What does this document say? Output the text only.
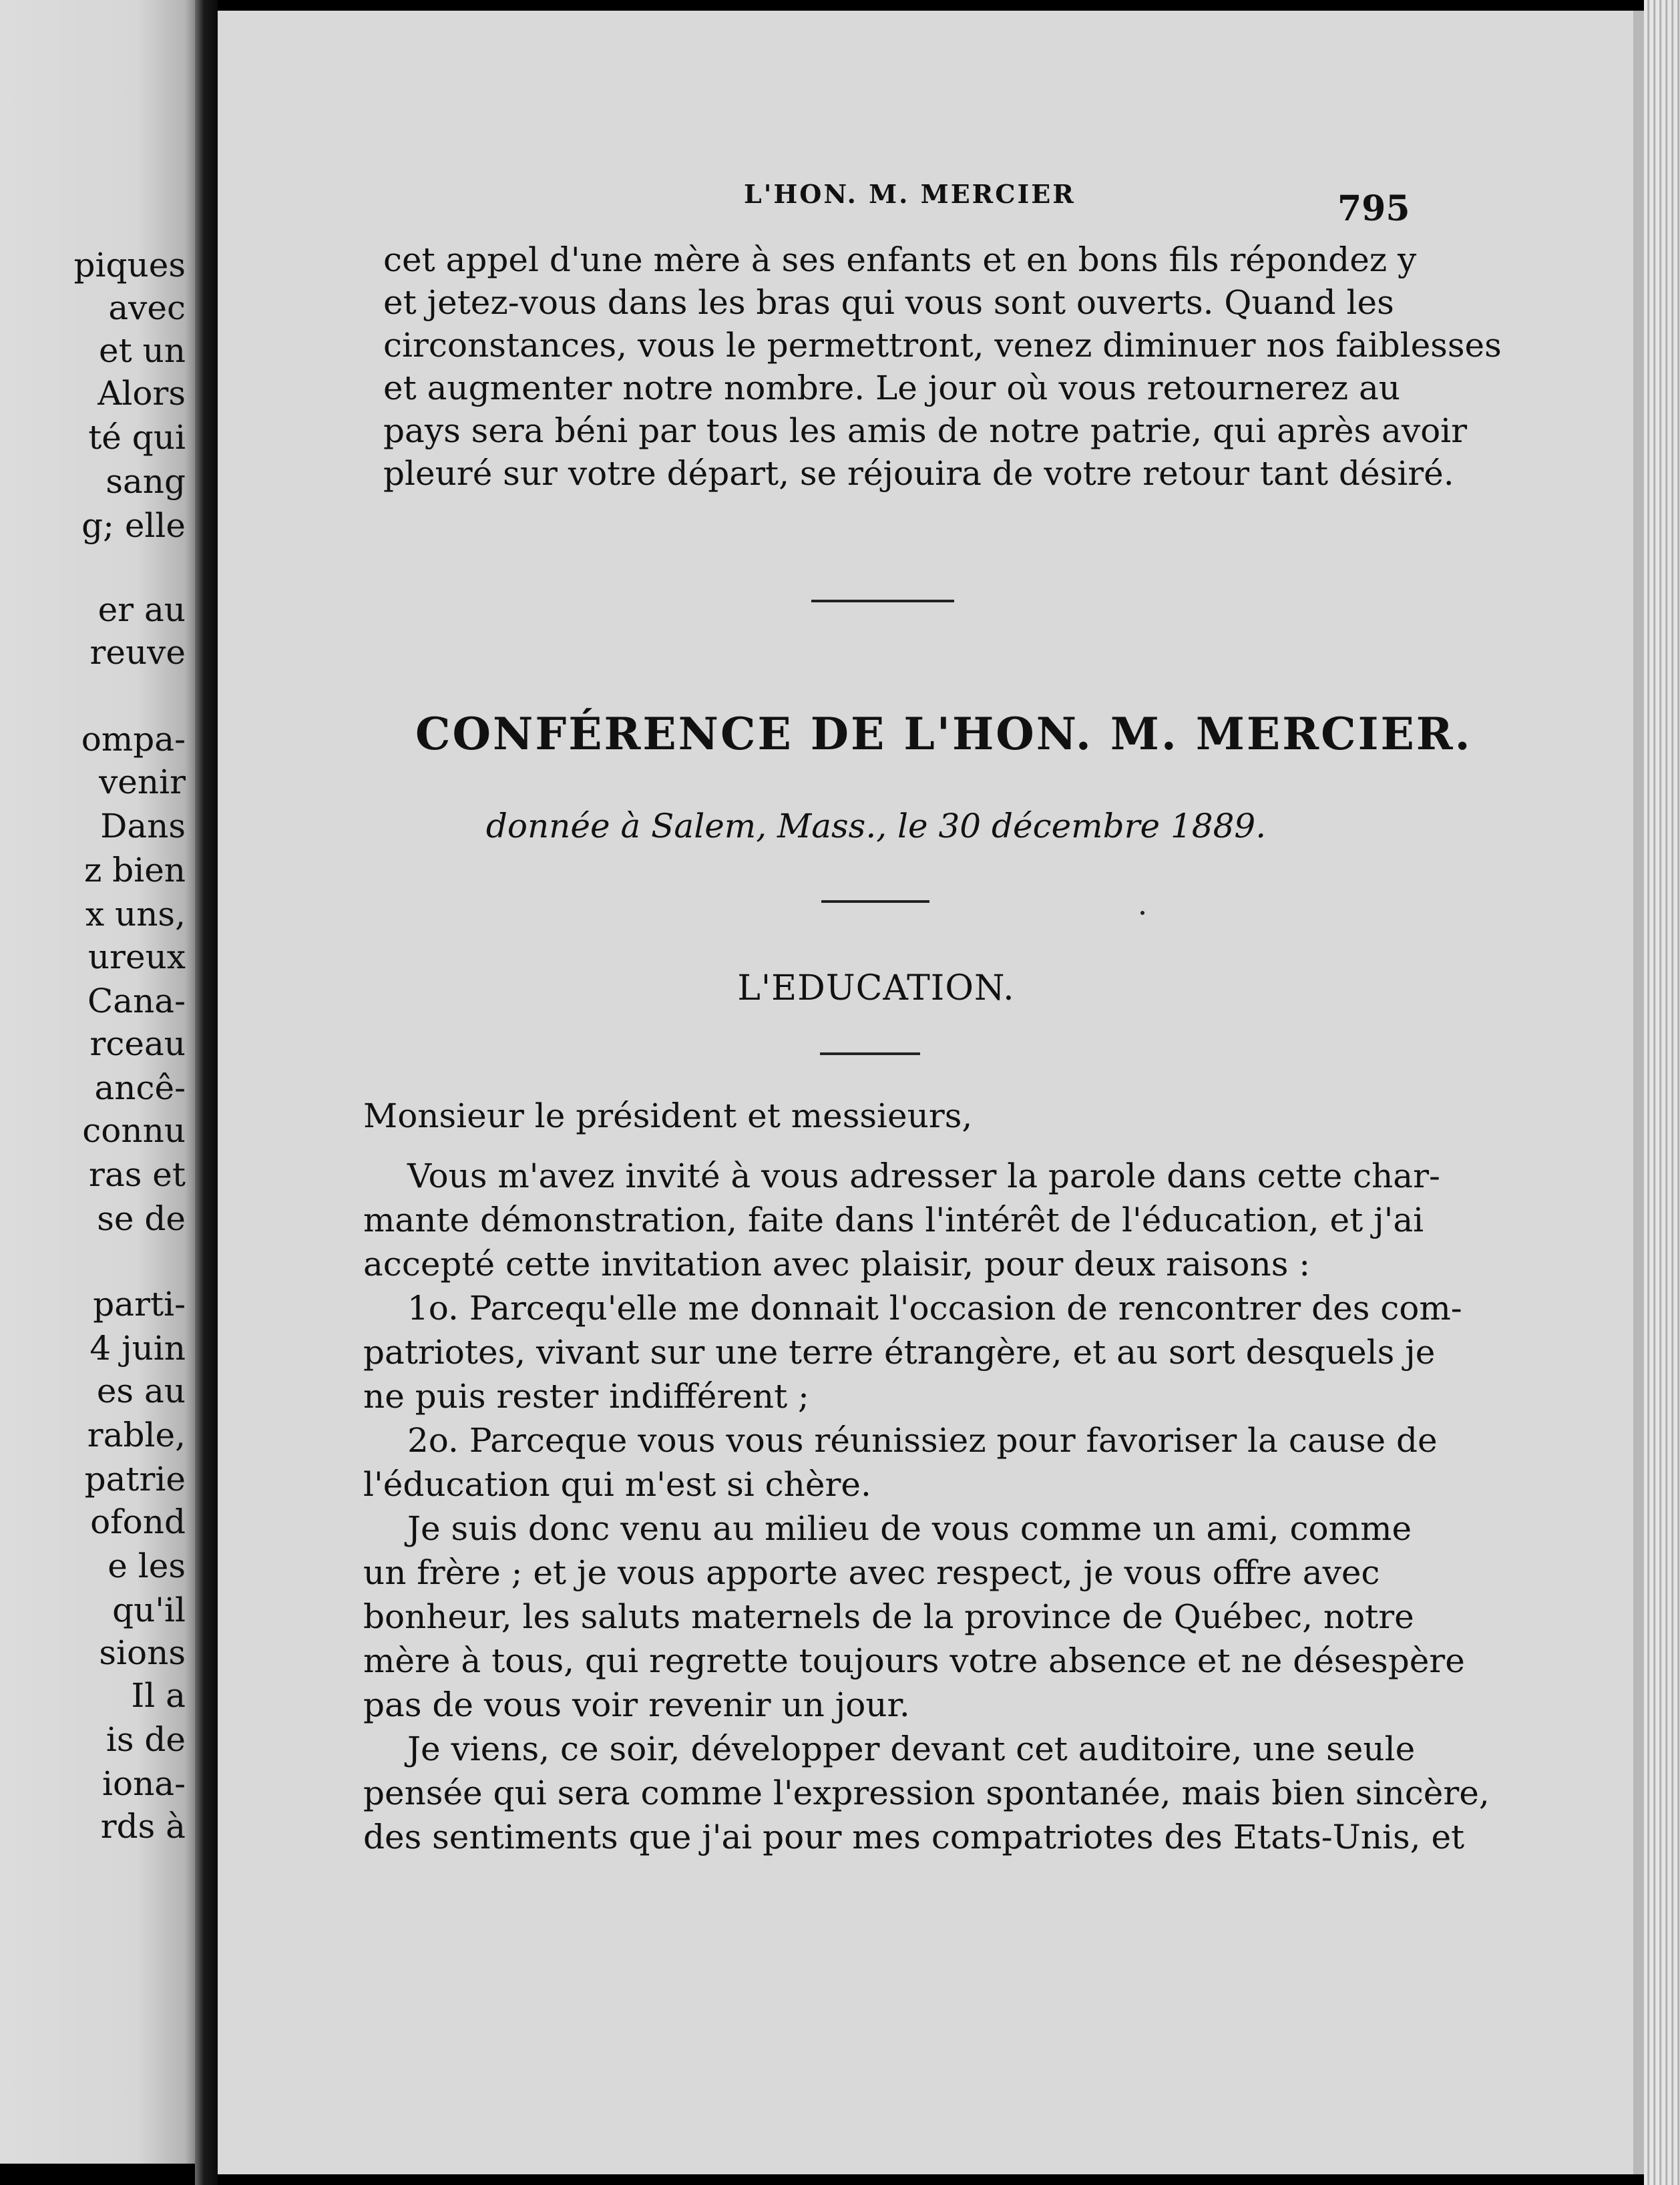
piques
avec
et un
Alors
té qui
sang
g; elle
er au
reuve
ompa-
venir
Dans
z bien
x uns,
ureux
Cana-
rceau
ancê-
connu
ras et
se de
parti-
4 juin
es au
rable,
patrie
ofond
e les
qu'il
sions
Il a
is de
iona-
rds à
L'HON. M. MERCIER	795
cet appel d'une mère à ses enfants et en bons fils répondez y
et jetez-vous dans les bras qui vous sont ouverts. Quand les
circonstances, vous le permettront, venez diminuer nos faiblesses
et augmenter notre nombre. Le jour où vous retournerez au
pays sera béni par tous les amis de notre patrie, qui après avoir
pleuré sur votre départ, se réjouira de votre retour tant désiré.
CONFÉRENCE DE L'HON. M. MERCIER.
donnée à Salem, Mass., le 30 décembre 1889.
L'EDUCATION.
Monsieur le président et messieurs,
Vous m'avez invité à vous adresser la parole dans cette char-
mante démonstration, faite dans l'intérêt de l'éducation, et j'ai
accepté cette invitation avec plaisir, pour deux raisons :
1o. Parcequ'elle me donnait l'occasion de rencontrer des com-
patriotes, vivant sur une terre étrangère, et au sort desquels je
ne puis rester indifférent ;
2o. Parceque vous vous réunissiez pour favoriser la cause de
l'éducation qui m'est si chère.
Je suis donc venu au milieu de vous comme un ami, comme
un frère ; et je vous apporte avec respect, je vous offre avec
bonheur, les saluts maternels de la province de Québec, notre
mère à tous, qui regrette toujours votre absence et ne désespère
pas de vous voir revenir un jour.
Je viens, ce soir, développer devant cet auditoire, une seule
pensée qui sera comme l'expression spontanée, mais bien sincère,
des sentiments que j'ai pour mes compatriotes des Etats-Unis, et
